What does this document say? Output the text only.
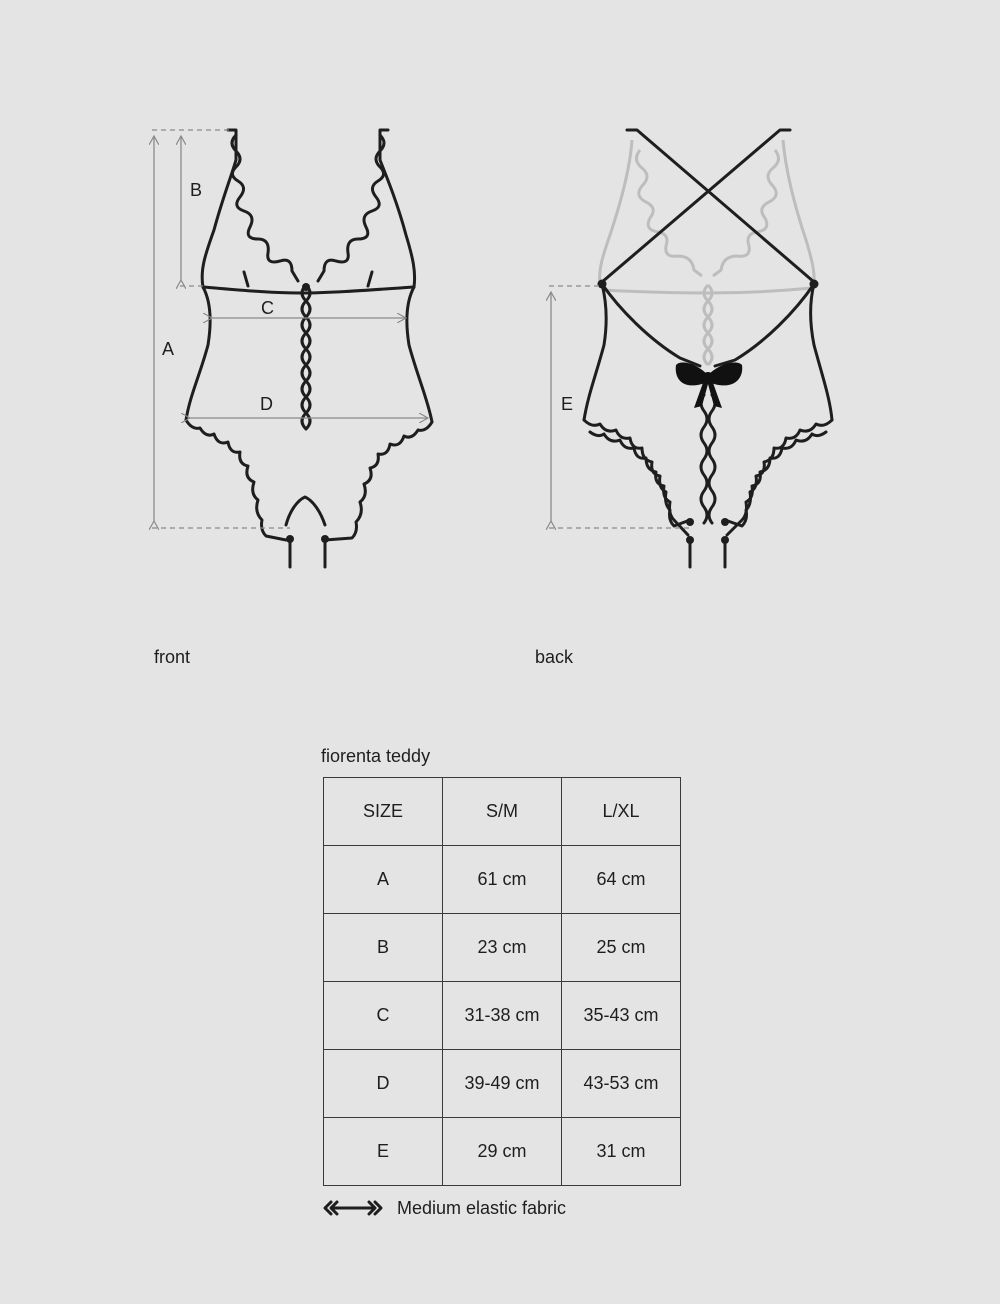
A
B
C
D	E
front	back
fiorenta teddy
SIZE	S/M	L/XL
A	61 cm	64 cm
B	23 cm	25 cm
C	31-38 cm	35-43 cm
D	39-49 cm	43-53 cm
E	29 cm	31 cm
Medium elastic fabric
